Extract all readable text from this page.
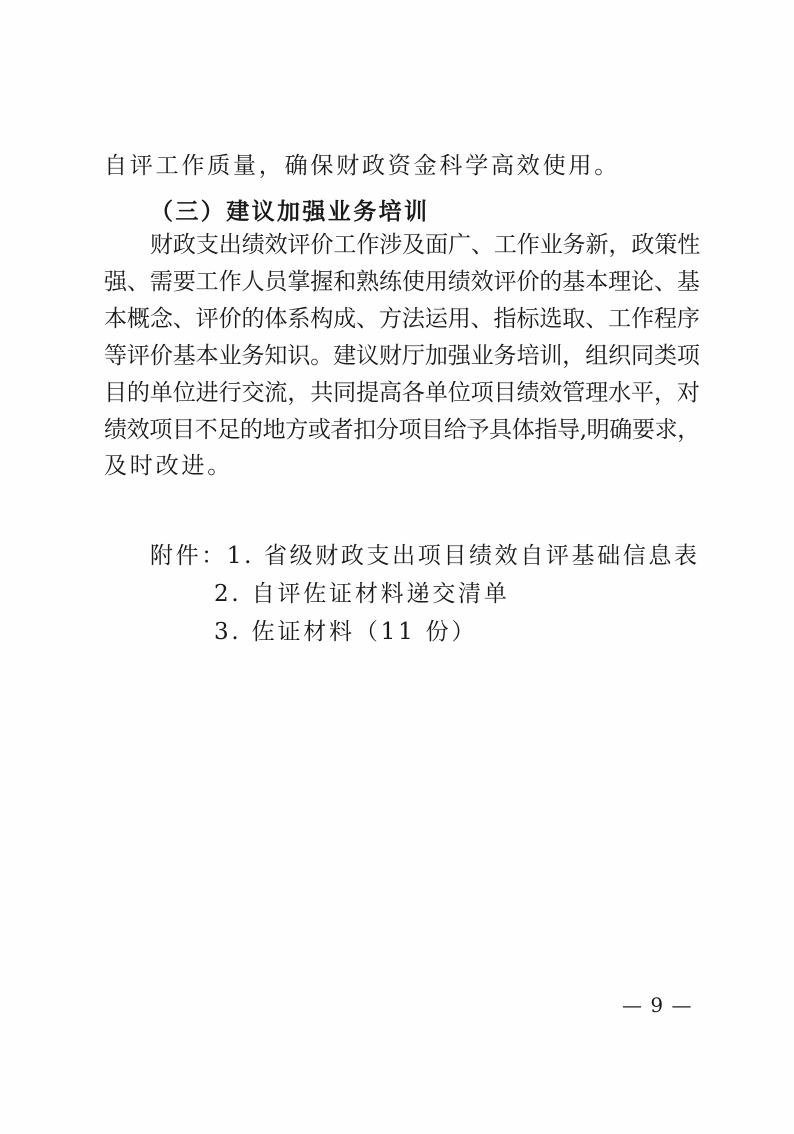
自评工作质量，确保财政资金科学高效使用。
（三）建议加强业务培训
财政支出绩效评价工作涉及面广、工作业务新，政策性
强、需要工作人员掌握和熟练使用绩效评价的基本理论、基
本概念、评价的体系构成、方法运用、指标选取、工作程序
等评价基本业务知识。建议财厅加强业务培训，组织同类项
目的单位进行交流，共同提高各单位项目绩效管理水平，对
绩效项目不足的地方或者扣分项目给予具体指导,明确要求，
及时改进。
附件：1. 省级财政支出项目绩效自评基础信息表
2. 自评佐证材料递交清单
3. 佐证材料（11 份）
— 9 —
